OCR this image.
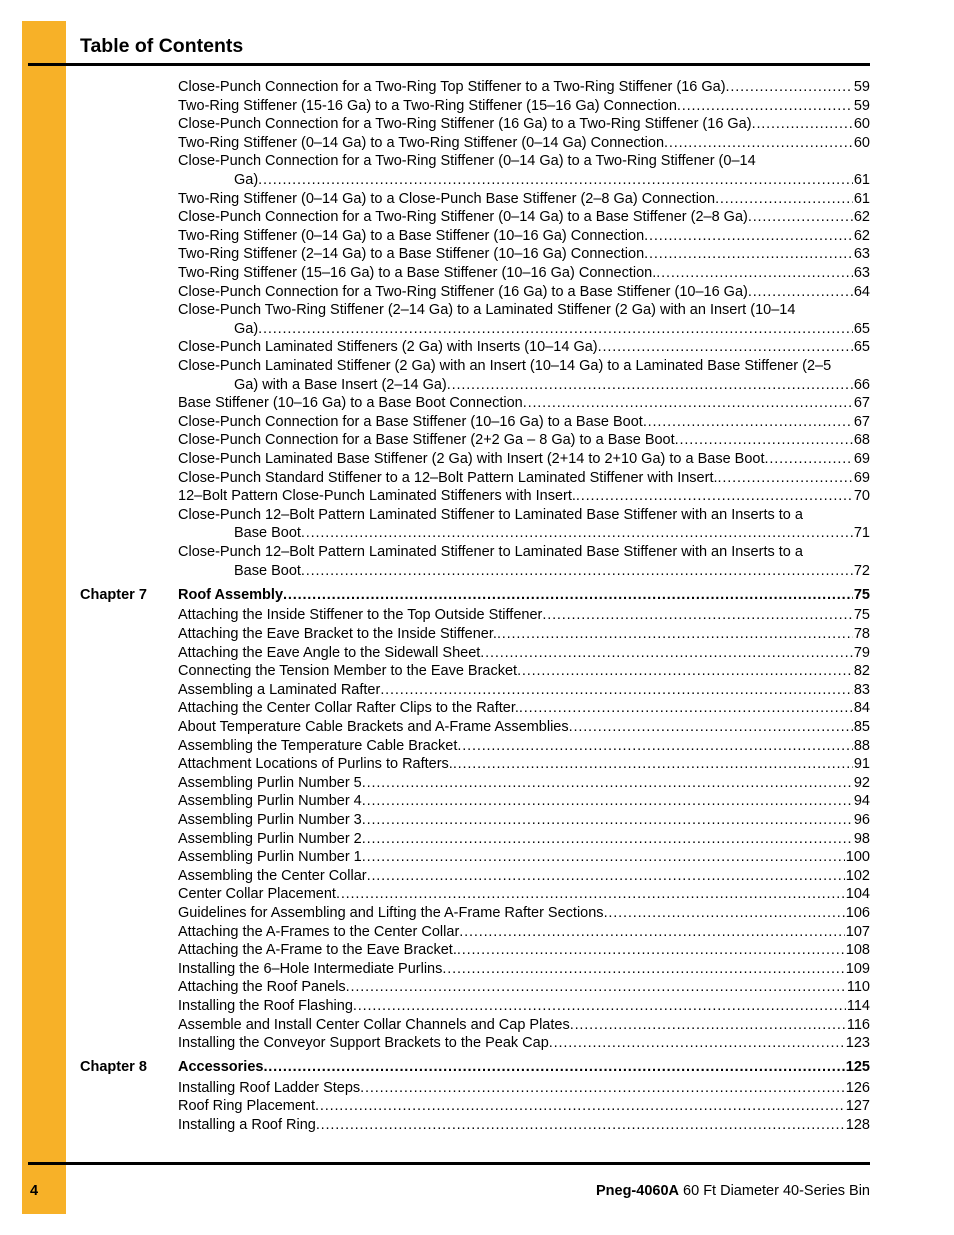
Table of Contents
Close-Punch Connection for a Two-Ring Top Stiffener to a Two-Ring Stiffener (16 Ga) . . .	59
Two-Ring Stiffener (15-16 Ga) to a Two-Ring Stiffener (15–16 Ga) Connection . . .	59
Close-Punch Connection for a Two-Ring Stiffener (16 Ga) to a Two-Ring Stiffener (16 Ga) . . .	60
Two-Ring Stiffener (0–14 Ga) to a Two-Ring Stiffener (0–14 Ga) Connection . . .	60
Close-Punch Connection for a Two-Ring Stiffener (0–14 Ga) to a Two-Ring Stiffener (0–14
Ga) . . .	61
Two-Ring Stiffener (0–14 Ga) to a Close-Punch Base Stiffener (2–8 Ga) Connection . . .	61
Close-Punch Connection for a Two-Ring Stiffener (0–14 Ga) to a Base Stiffener (2–8 Ga) . . .	62
Two-Ring Stiffener (0–14 Ga) to a Base Stiffener (10–16 Ga) Connection . . .	62
Two-Ring Stiffener (2–14 Ga) to a Base Stiffener (10–16 Ga) Connection . . .	63
Two-Ring Stiffener (15–16 Ga) to a Base Stiffener (10–16 Ga) Connection. . . .	63
Close-Punch Connection for a Two-Ring Stiffener (16 Ga) to a Base Stiffener (10–16 Ga) . . .	64
Close-Punch Two-Ring Stiffener (2–14 Ga) to a Laminated Stiffener (2 Ga) with an Insert (10–14
Ga) . . .	65
Close-Punch Laminated Stiffeners (2 Ga) with Inserts (10–14 Ga) . . .	65
Close-Punch Laminated Stiffener (2 Ga) with an Insert (10–14 Ga) to a Laminated Base Stiffener (2–5
Ga) with a Base Insert (2–14 Ga) . . .	66
Base Stiffener (10–16 Ga) to a Base Boot Connection . . .	67
Close-Punch Connection for a Base Stiffener (10–16 Ga) to a Base Boot . . .	67
Close-Punch Connection for a Base Stiffener (2+2 Ga – 8 Ga) to a Base Boot . . .	68
Close-Punch Laminated Base Stiffener (2 Ga) with Insert (2+14 to 2+10 Ga) to a Base Boot . . .	69
Close-Punch Standard Stiffener to a 12–Bolt Pattern Laminated Stiffener with Insert. . . .	69
12–Bolt Pattern Close-Punch Laminated Stiffeners with Insert. . . .	70
Close-Punch 12–Bolt Pattern Laminated Stiffener to Laminated Base Stiffener with an Inserts to a
Base Boot . . .	71
Close-Punch 12–Bolt Pattern Laminated Stiffener to Laminated Base Stiffener with an Inserts to a
Base Boot . . .	72
Chapter 7 Roof Assembly . . .	75
Attaching the Inside Stiffener to the Top Outside Stiffener . . .	75
Attaching the Eave Bracket to the Inside Stiffener. . . .	78
Attaching the Eave Angle to the Sidewall Sheet . . .	79
Connecting the Tension Member to the Eave Bracket . . .	82
Assembling a Laminated Rafter . . .	83
Attaching the Center Collar Rafter Clips to the Rafter. . . .	84
About Temperature Cable Brackets and A-Frame Assemblies . . .	85
Assembling the Temperature Cable Bracket . . .	88
Attachment Locations of Purlins to Rafters. . . .	91
Assembling Purlin Number 5 . . .	92
Assembling Purlin Number 4 . . .	94
Assembling Purlin Number 3 . . .	96
Assembling Purlin Number 2 . . .	98
Assembling Purlin Number 1 . . .	100
Assembling the Center Collar . . .	102
Center Collar Placement . . .	104
Guidelines for Assembling and Lifting the A-Frame Rafter Sections . . .	106
Attaching the A-Frames to the Center Collar . . .	107
Attaching the A-Frame to the Eave Bracket. . . .	108
Installing the 6–Hole Intermediate Purlins . . .	109
Attaching the Roof Panels . . .	110
Installing the Roof Flashing . . .	114
Assemble and Install Center Collar Channels and Cap Plates . . .	116
Installing the Conveyor Support Brackets to the Peak Cap . . .	123
Chapter 8 Accessories . . .	125
Installing Roof Ladder Steps . . .	126
Roof Ring Placement . . .	127
Installing a Roof Ring . . .	128
4	Pneg-4060A 60 Ft Diameter 40-Series Bin
